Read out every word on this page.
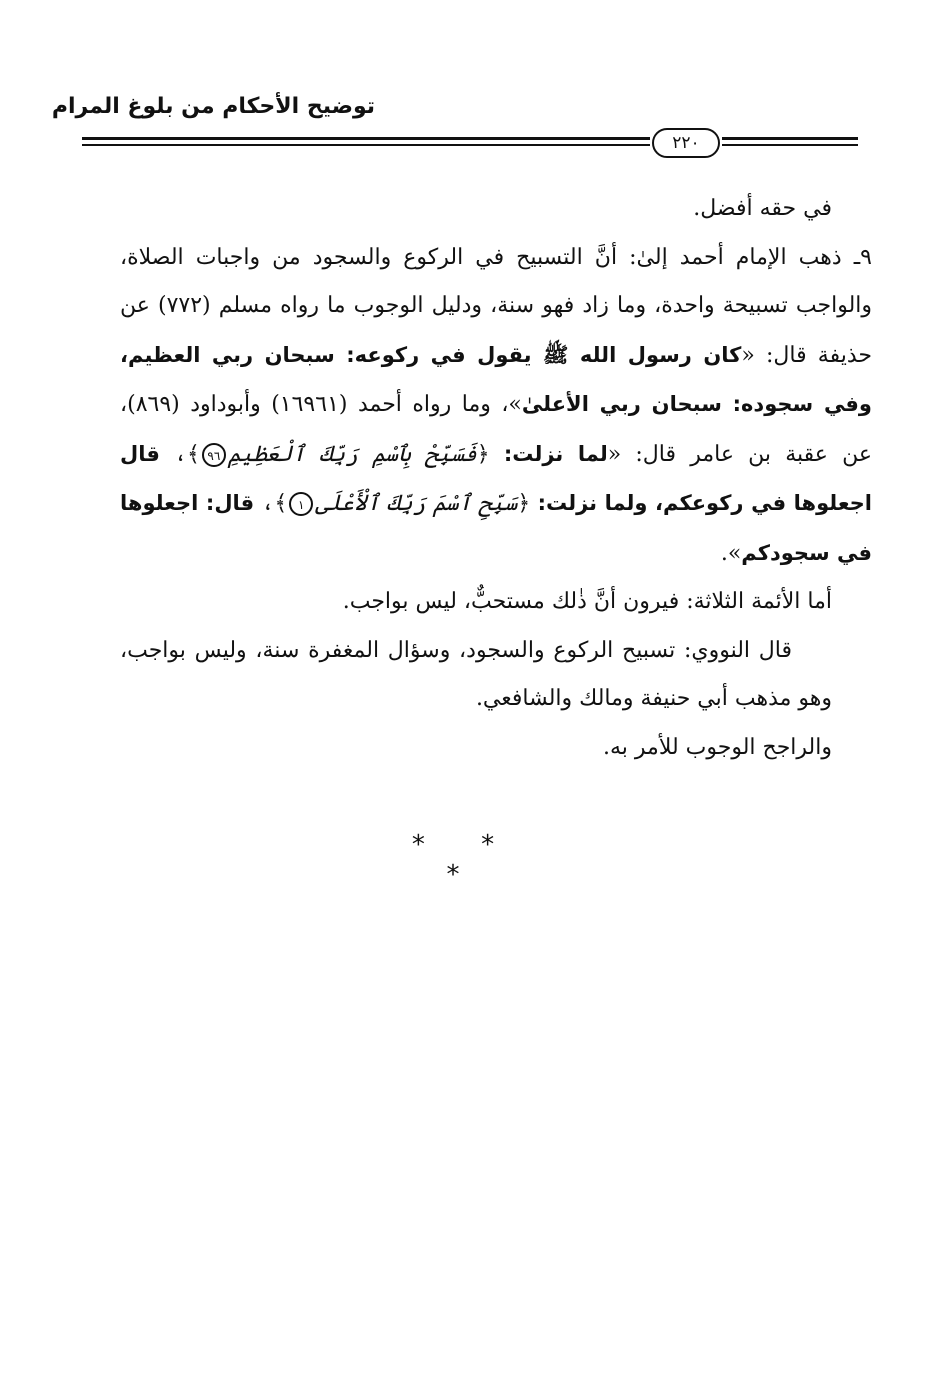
توضيح الأحكام من بلوغ المرام
٢٢٠

في حقه أفضل.

٩ـ ذهب الإمام أحمد إلىٰ: أنَّ التسبيح في الركوع والسجود من واجبات الصلاة، والواجب تسبيحة واحدة، وما زاد فهو سنة، ودليل الوجوب ما رواه مسلم (٧٧٢) عن حذيفة قال: «كان رسول الله ﷺ يقول في ركوعه: سبحان ربي العظيم، وفي سجوده: سبحان ربي الأعلىٰ»، وما رواه أحمد (١٦٩٦١) وأبوداود (٨٦٩)، عن عقبة بن عامر قال: «لما نزلت: ﴿فَسَبِّحْ بِٱسْمِ رَبِّكَ ٱلْعَظِيمِ٩٦﴾، قال اجعلوها في ركوعكم، ولما نزلت: ﴿سَبِّحِ ٱسْمَ رَبِّكَ ٱلْأَعْلَى١﴾، قال: اجعلوها في سجودكم».

أما الأئمة الثلاثة: فيرون أنَّ ذٰلك مستحبٌّ، ليس بواجب.

قال النووي: تسبيح الركوع والسجود، وسؤال المغفرة سنة، وليس بواجب، وهو مذهب أبي حنيفة ومالك والشافعي.

والراجح الوجوب للأمر به.

* * *
